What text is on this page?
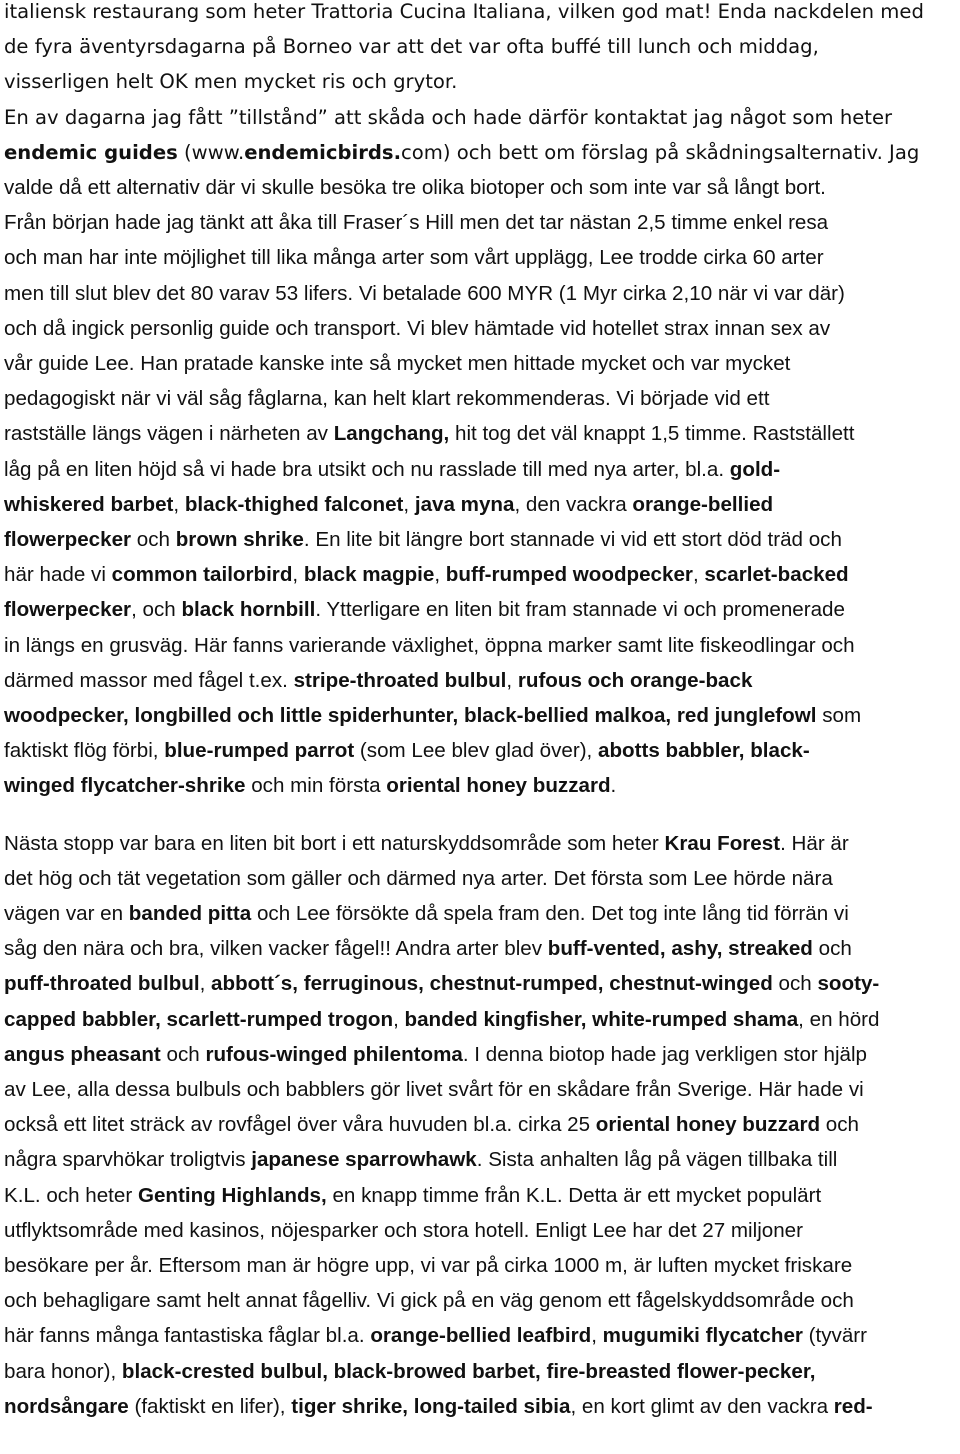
italiensk restaurang som heter Trattoria Cucina Italiana, vilken god mat! Enda nackdelen med
de fyra äventyrsdagarna på Borneo var att det var ofta buffé till lunch och middag,
visserligen helt OK men mycket ris och grytor.
En av dagarna jag fått ”tillstånd” att skåda och hade därför kontaktat jag något som heter
endemic guides (www.endemicbirds.com) och bett om förslag på skådningsalternativ. Jag
valde då ett alternativ där vi skulle besöka tre olika biotoper och som inte var så långt bort.
Från början hade jag tänkt att åka till Fraser´s Hill men det tar nästan 2,5 timme enkel resa
och man har inte möjlighet till lika många arter som vårt upplägg, Lee trodde cirka 60 arter
men till slut blev det 80 varav 53 lifers. Vi betalade 600 MYR (1 Myr cirka 2,10 när vi var där)
och då ingick personlig guide och transport. Vi blev hämtade vid hotellet strax innan sex av
vår guide Lee. Han pratade kanske inte så mycket men hittade mycket och var mycket
pedagogiskt när vi väl såg fåglarna, kan helt klart rekommenderas. Vi började vid ett
rastställe längs vägen i närheten av Langchang, hit tog det väl knappt 1,5 timme. Rastställett
låg på en liten höjd så vi hade bra utsikt och nu rasslade till med nya arter, bl.a. gold-
whiskered barbet, black-thighed falconet, java myna, den vackra orange-bellied
flowerpecker och brown shrike. En lite bit längre bort stannade vi vid ett stort död träd och
här hade vi common tailorbird, black magpie, buff-rumped woodpecker, scarlet-backed
flowerpecker, och black hornbill. Ytterligare en liten bit fram stannade vi och promenerade
in längs en grusväg. Här fanns varierande växlighet, öppna marker samt lite fiskeodlingar och
därmed massor med fågel t.ex. stripe-throated bulbul, rufous och orange-back
woodpecker, longbilled och little spiderhunter, black-bellied malkoa, red junglefowl som
faktiskt flög förbi, blue-rumped parrot (som Lee blev glad över), abotts babbler, black-
winged flycatcher-shrike och min första oriental honey buzzard.
Nästa stopp var bara en liten bit bort i ett naturskyddsområde som heter Krau Forest. Här är
det hög och tät vegetation som gäller och därmed nya arter. Det första som Lee hörde nära
vägen var en banded pitta och Lee försökte då spela fram den. Det tog inte lång tid förrän vi
såg den nära och bra, vilken vacker fågel!! Andra arter blev buff-vented, ashy, streaked och
puff-throated bulbul, abbott´s, ferruginous, chestnut-rumped, chestnut-winged och sooty-
capped babbler, scarlett-rumped trogon, banded kingfisher, white-rumped shama, en hörd
angus pheasant och rufous-winged philentoma. I denna biotop hade jag verkligen stor hjälp
av Lee, alla dessa bulbuls och babblers gör livet svårt för en skådare från Sverige. Här hade vi
också ett litet sträck av rovfågel över våra huvuden bl.a. cirka 25 oriental honey buzzard och
några sparvhökar troligtvis japanese sparrowhawk. Sista anhalten låg på vägen tillbaka till
K.L. och heter Genting Highlands, en knapp timme från K.L. Detta är ett mycket populärt
utflyktsområde med kasinos, nöjesparker och stora hotell. Enligt Lee har det 27 miljoner
besökare per år. Eftersom man är högre upp, vi var på cirka 1000 m, är luften mycket friskare
och behagligare samt helt annat fågelliv. Vi gick på en väg genom ett fågelskyddsområde och
här fanns många fantastiska fåglar bl.a. orange-bellied leafbird, mugumiki flycatcher (tyvärr
bara honor), black-crested bulbul, black-browed barbet, fire-breasted flower-pecker,
nordsångare (faktiskt en lifer), tiger shrike, long-tailed sibia, en kort glimt av den vackra red-
